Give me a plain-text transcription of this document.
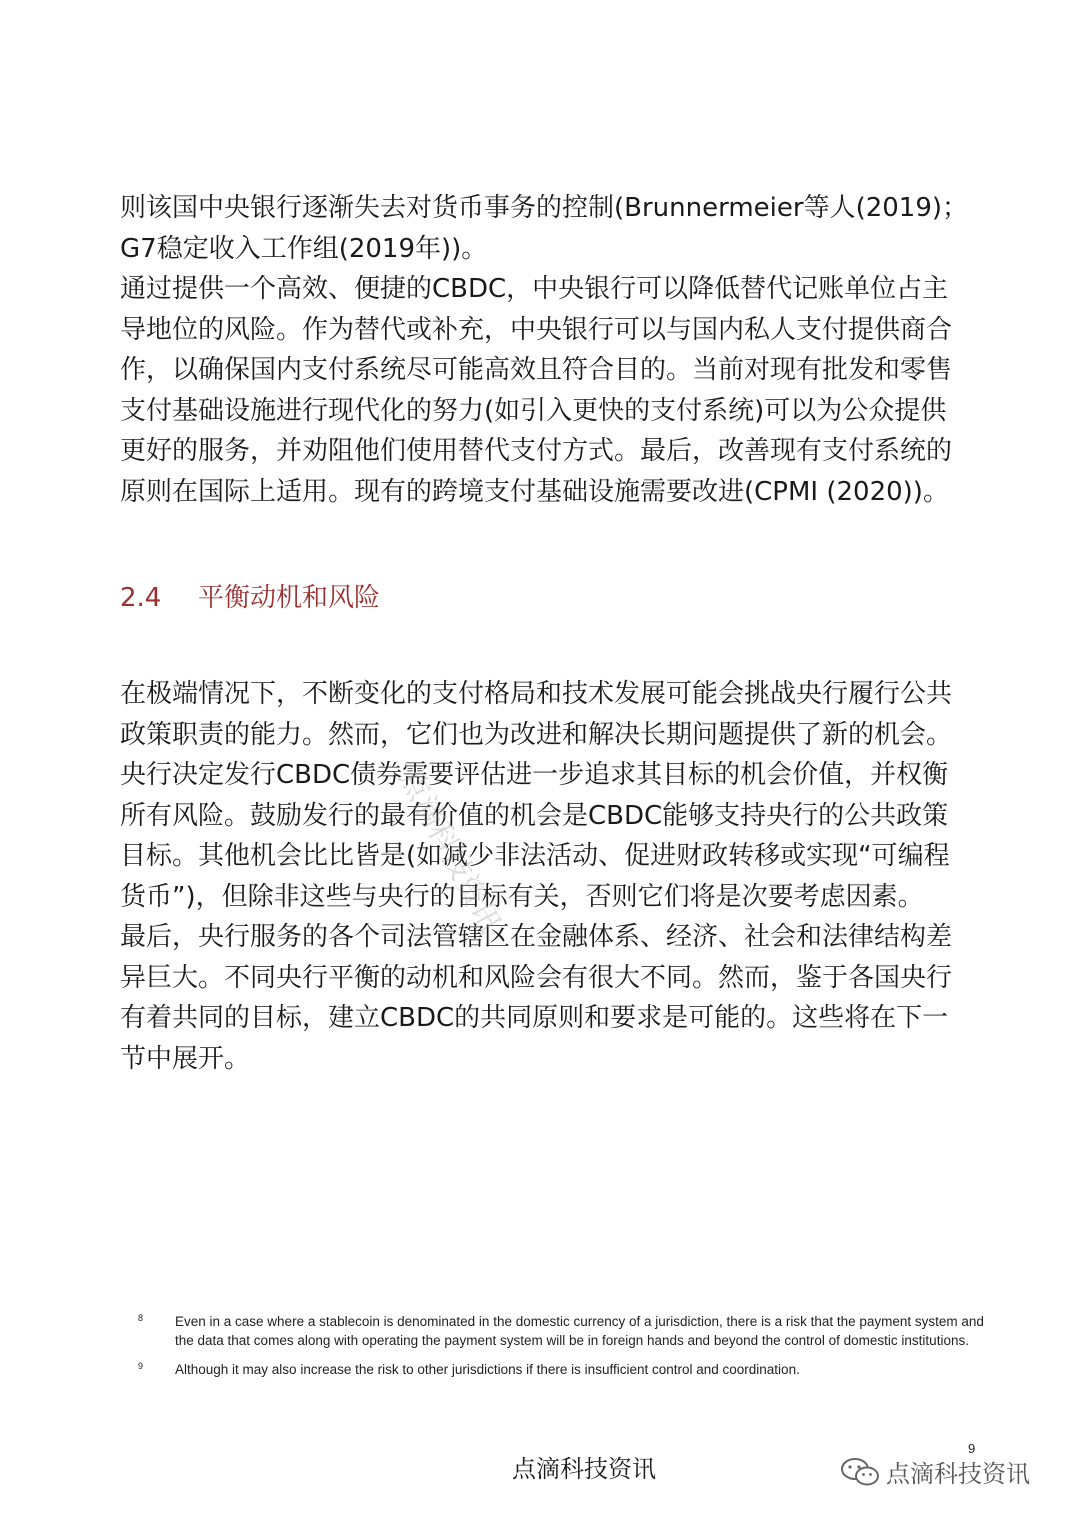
则该国中央银行逐渐失去对货币事务的控制(Brunnermeier等人(2019)；G7稳定收入工作组(2019年))。

通过提供一个高效、便捷的CBDC，中央银行可以降低替代记账单位占主导地位的风险。作为替代或补充，中央银行可以与国内私人支付提供商合作，以确保国内支付系统尽可能高效且符合目的。当前对现有批发和零售支付基础设施进行现代化的努力(如引入更快的支付系统)可以为公众提供更好的服务，并劝阻他们使用替代支付方式。最后，改善现有支付系统的原则在国际上适用。现有的跨境支付基础设施需要改进(CPMI (2020))。

2.4 平衡动机和风险

在极端情况下，不断变化的支付格局和技术发展可能会挑战央行履行公共政策职责的能力。然而，它们也为改进和解决长期问题提供了新的机会。

央行决定发行CBDC债券需要评估进一步追求其目标的机会价值，并权衡所有风险。鼓励发行的最有价值的机会是CBDC能够支持央行的公共政策目标。其他机会比比皆是(如减少非法活动、促进财政转移或实现“可编程货币”)，但除非这些与央行的目标有关，否则它们将是次要考虑因素。

最后，央行服务的各个司法管辖区在金融体系、经济、社会和法律结构差异巨大。不同央行平衡的动机和风险会有很大不同。然而，鉴于各国央行有着共同的目标，建立CBDC的共同原则和要求是可能的。这些将在下一节中展开。

点滴科技资讯
8 Even in a case where a stablecoin is denominated in the domestic currency of a jurisdiction, there is a risk that the payment system and the data that comes along with operating the payment system will be in foreign hands and beyond the control of domestic institutions.
9 Although it may also increase the risk to other jurisdictions if there is insufficient control and coordination.
9
点滴科技资讯	点滴科技资讯
